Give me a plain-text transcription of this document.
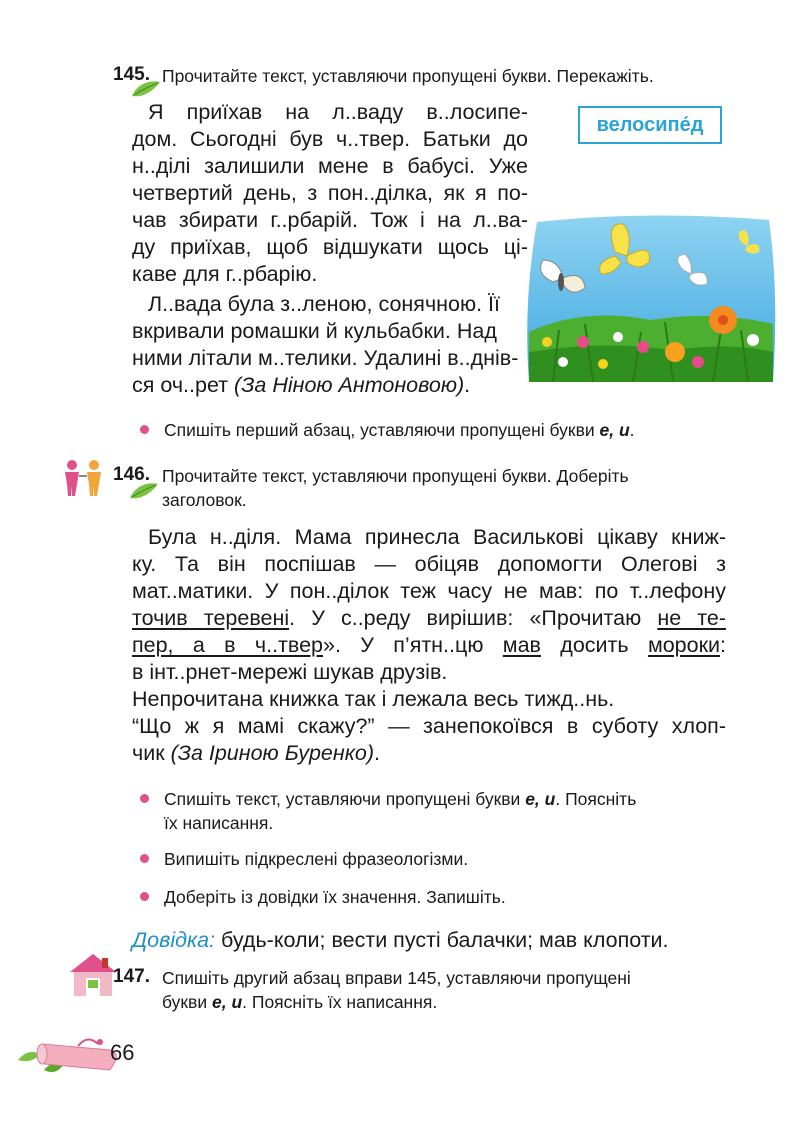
145. Прочитайте текст, уставляючи пропущені букви. Перекажіть.
велосипе́д
Я приїхав на л..ваду в..лосипе-
дом. Сьогодні був ч..твер. Батьки до
н..ділі залишили мене в бабусі. Уже
четвертий день, з пон..ділка, як я по-
чав збирати г..рбарій. Тож і на л..ва-
ду приїхав, щоб відшукати щось ці-
каве для г..рбарію.
Л..вада була з..леною, сонячною. Її
вкривали ромашки й кульбабки. Над
ними літали м..телики. Удалині в..днів-
ся оч..рет (За Ніною Антоновою).
Спишіть перший абзац, уставляючи пропущені букви е, и.
146. Прочитайте текст, уставляючи пропущені букви. Доберіть
заголовок.
Була н..діля. Мама принесла Васильковi цікаву книж-
ку. Та він поспішав — обіцяв допомогти Олегові з
мат..матики. У пон..ділок теж часу не мав: по т..лефону
точив теревені. У с..реду вирішив: «Прочитаю не те-
пер, а в ч..твер». У п’ятн..цю мав досить мороки:
в інт..рнет-мережі шукав друзів.
Непрочитана книжка так і лежала весь тижд..нь.
“Що ж я мамі скажу?” — занепокоївся в суботу хлоп-
чик (За Іриною Буренко).
Спишіть текст, уставляючи пропущені букви е, и. Поясніть
їх написання.
Випишіть підкреслені фразеологізми.
Доберіть із довідки їх значення. Запишіть.
Довідка: будь-коли; вести пусті балачки; мав клопоти.
147. Спишіть другий абзац вправи 145, уставляючи пропущені
букви е, и. Поясніть їх написання.
66
